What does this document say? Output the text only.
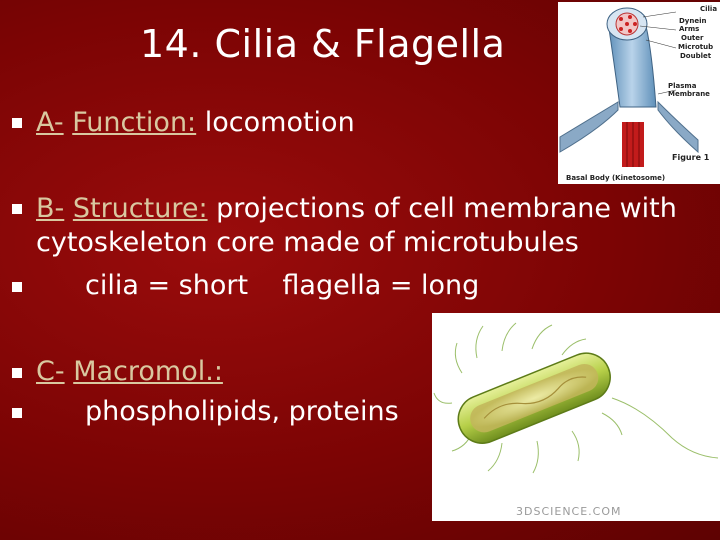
14. Cilia & Flagella
A- Function: locomotion
B- Structure: projections of cell membrane with
cytoskeleton core made of microtubules
cilia = short    flagella = long
C- Macromol.:
phospholipids, proteins
Cilia
Dynein
Arms
Outer
Microtub
Doublet
Plasma
Membrane
Figure 1
Basal Body (Kinetosome)
3DSCIENCE.COM
